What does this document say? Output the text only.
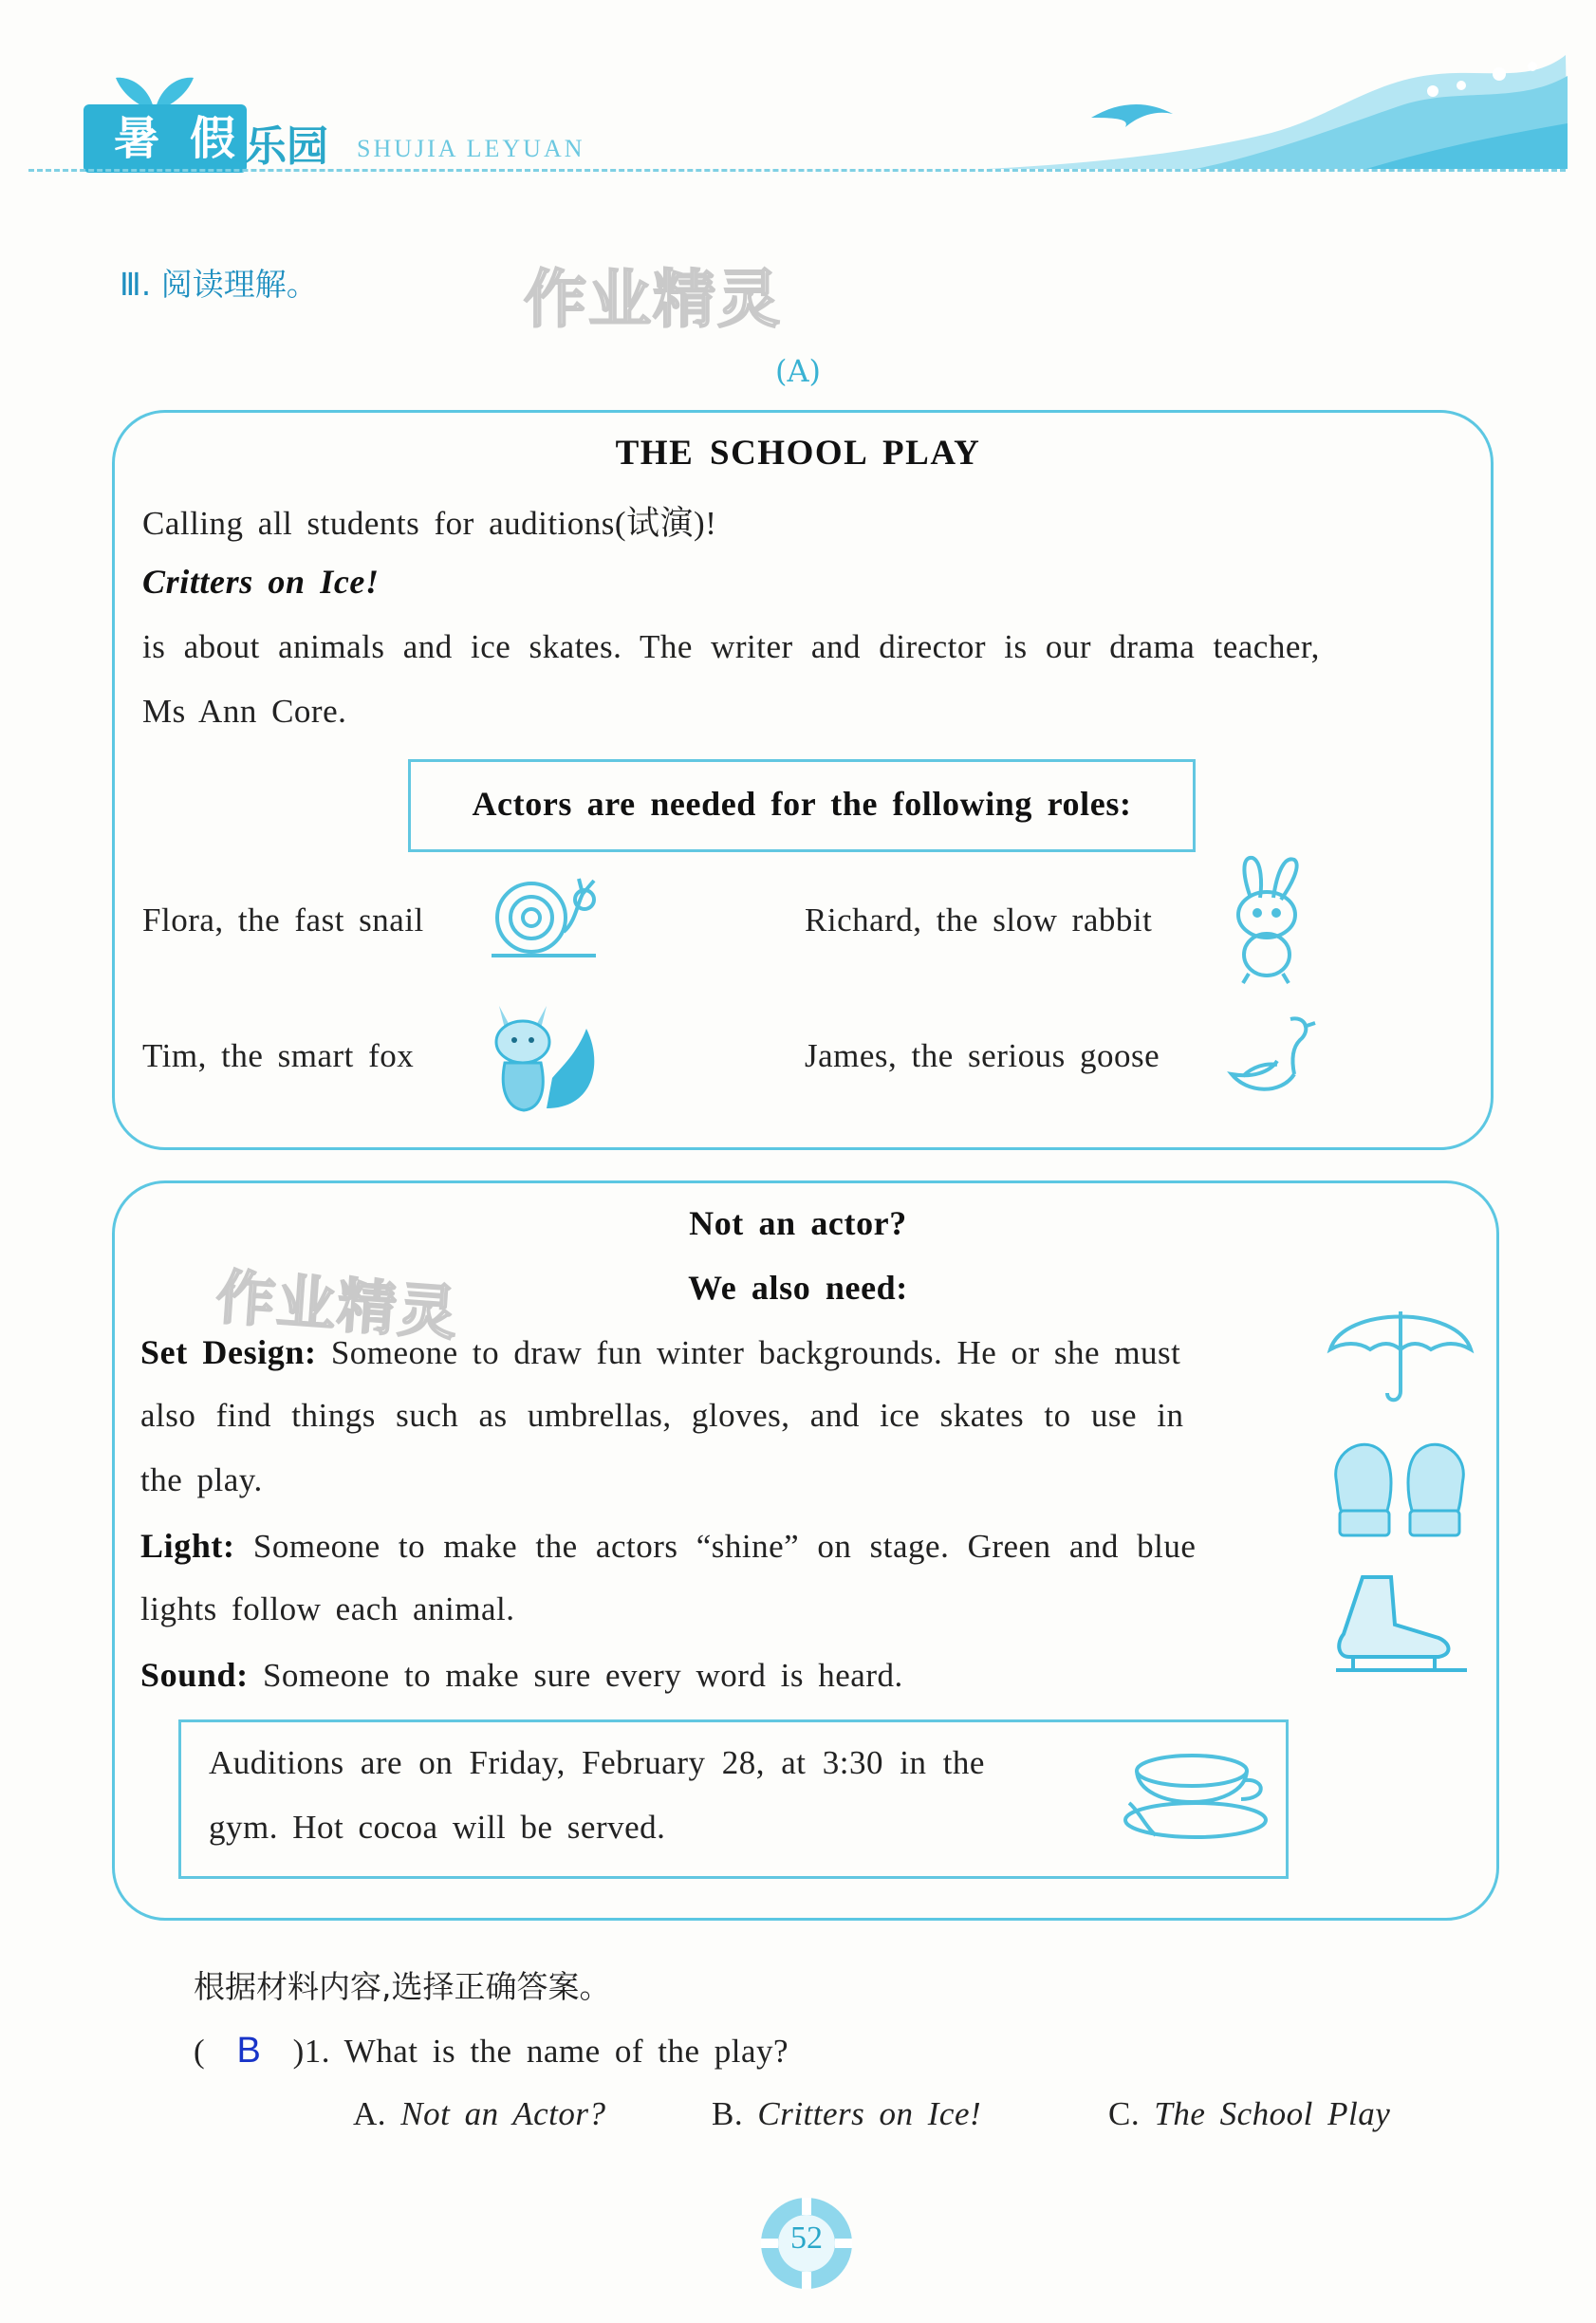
暑 假 乐园 SHUJIA LEYUAN
Ⅲ. 阅读理解。	作业精灵
(A)
THE SCHOOL PLAY
Calling all students for auditions(试演)!
Critters on Ice!
is about animals and ice skates. The writer and director is our drama teacher,
Ms Ann Core.
Actors are needed for the following roles:
Flora, the fast snail	Richard, the slow rabbit
Tim, the smart fox	James, the serious goose
Not an actor?
We also need:
作业精灵
Set Design: Someone to draw fun winter backgrounds. He or she must
also find things such as umbrellas, gloves, and ice skates to use in
the play.
Light: Someone to make the actors “shine” on stage. Green and blue
lights follow each animal.
Sound: Someone to make sure every word is heard.
Auditions are on Friday, February 28, at 3:30 in the
gym. Hot cocoa will be served.
根据材料内容,选择正确答案。
( B )1. What is the name of the play?
A. Not an Actor?	B. Critters on Ice!	C. The School Play
52
